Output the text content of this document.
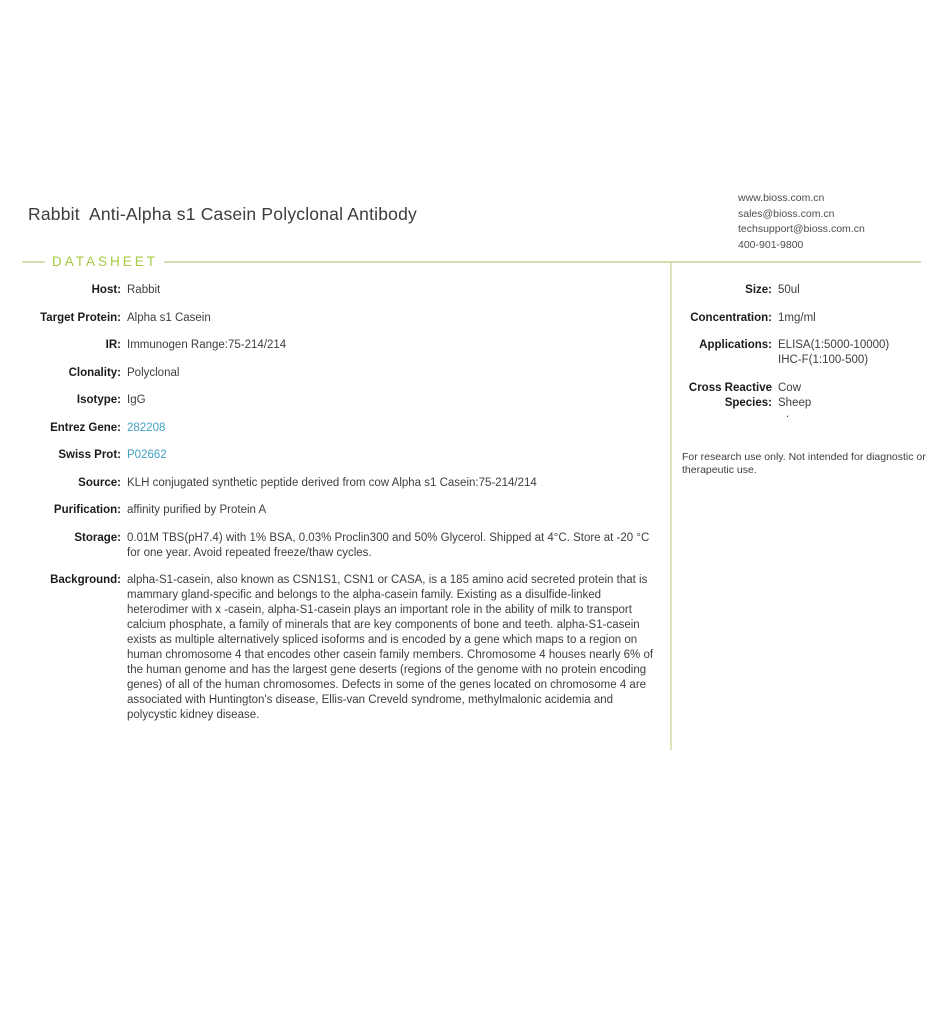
Rabbit  Anti-Alpha s1 Casein Polyclonal Antibody
www.bioss.com.cn
sales@bioss.com.cn
techsupport@bioss.com.cn
400-901-9800
DATASHEET
Host: Rabbit
Target Protein: Alpha s1 Casein
IR: Immunogen Range:75-214/214
Clonality: Polyclonal
Isotype: IgG
Entrez Gene: 282208
Swiss Prot: P02662
Source: KLH conjugated synthetic peptide derived from cow Alpha s1 Casein:75-214/214
Purification: affinity purified by Protein A
Storage: 0.01M TBS(pH7.4) with 1% BSA, 0.03% Proclin300 and 50% Glycerol. Shipped at 4°C. Store at -20 °C for one year. Avoid repeated freeze/thaw cycles.
Background: alpha-S1-casein, also known as CSN1S1, CSN1 or CASA, is a 185 amino acid secreted protein that is mammary gland-specific and belongs to the alpha-casein family. Existing as a disulfide-linked heterodimer with x -casein, alpha-S1-casein plays an important role in the ability of milk to transport calcium phosphate, a family of minerals that are key components of bone and teeth. alpha-S1-casein exists as multiple alternatively spliced isoforms and is encoded by a gene which maps to a region on human chromosome 4 that encodes other casein family members. Chromosome 4 houses nearly 6% of the human genome and has the largest gene deserts (regions of the genome with no protein encoding genes) of all of the human chromosomes. Defects in some of the genes located on chromosome 4 are associated with Huntington's disease, Ellis-van Creveld syndrome, methylmalonic acidemia and polycystic kidney disease.
Size: 50ul
Concentration: 1mg/ml
Applications: ELISA(1:5000-10000)
IHC-F(1:100-500)
Cross Reactive
Species:
Cow
Sheep
.
For research use only. Not intended for diagnostic or therapeutic use.
